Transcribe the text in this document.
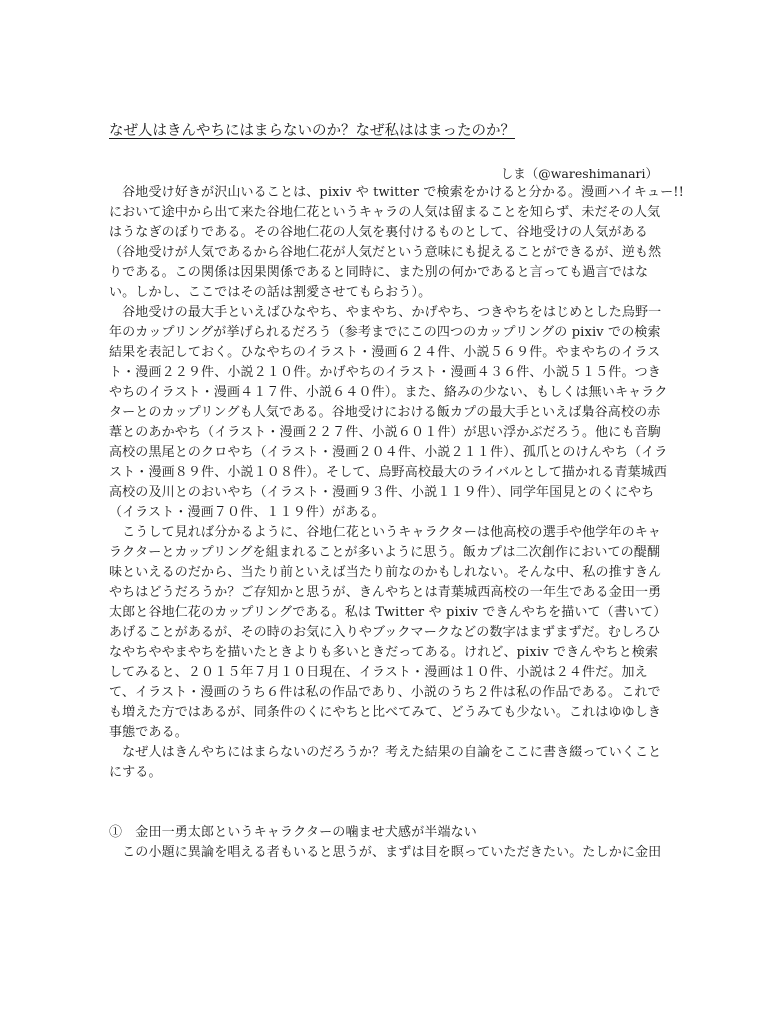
なぜ人はきんやちにはまらないのか？なぜ私ははまったのか？
しま（@wareshimanari）
　谷地受け好きが沢山いることは、pixiv や twitter で検索をかけると分かる。漫画ハイキュー!!
において途中から出て来た谷地仁花というキャラの人気は留まることを知らず、未だその人気
はうなぎのぼりである。その谷地仁花の人気を裏付けるものとして、谷地受けの人気がある
（谷地受けが人気であるから谷地仁花が人気だという意味にも捉えることができるが、逆も然
りである。この関係は因果関係であると同時に、また別の何かであると言っても過言ではな
い。しかし、ここではその話は割愛させてもらおう）。
　谷地受けの最大手といえばひなやち、やまやち、かげやち、つきやちをはじめとした烏野一
年のカップリングが挙げられるだろう（参考までにこの四つのカップリングの pixiv での検索
結果を表記しておく。ひなやちのイラスト・漫画６２４件、小説５６９件。やまやちのイラス
ト・漫画２２９件、小説２１０件。かげやちのイラスト・漫画４３６件、小説５１５件。つき
やちのイラスト・漫画４１７件、小説６４０件）。また、絡みの少ない、もしくは無いキャラク
ターとのカップリングも人気である。谷地受けにおける飯カプの最大手といえば梟谷高校の赤
葦とのあかやち（イラスト・漫画２２７件、小説６０１件）が思い浮かぶだろう。他にも音駒
高校の黒尾とのクロやち（イラスト・漫画２０４件、小説２１１件）、孤爪とのけんやち（イラ
スト・漫画８９件、小説１０８件）。そして、烏野高校最大のライバルとして描かれる青葉城西
高校の及川とのおいやち（イラスト・漫画９３件、小説１１９件）、同学年国見とのくにやち
（イラスト・漫画７０件、１１９件）がある。
　こうして見れば分かるように、谷地仁花というキャラクターは他高校の選手や他学年のキャ
ラクターとカップリングを組まれることが多いように思う。飯カプは二次創作においての醍醐
味といえるのだから、当たり前といえば当たり前なのかもしれない。そんな中、私の推すきん
やちはどうだろうか？ご存知かと思うが、きんやちとは青葉城西高校の一年生である金田一勇
太郎と谷地仁花のカップリングである。私は Twitter や pixiv できんやちを描いて（書いて）
あげることがあるが、その時のお気に入りやブックマークなどの数字はまずまずだ。むしろひ
なやちややまやちを描いたときよりも多いときだってある。けれど、pixiv できんやちと検索
してみると、２０１５年７月１０日現在、イラスト・漫画は１０件、小説は２４件だ。加え
て、イラスト・漫画のうち６件は私の作品であり、小説のうち２件は私の作品である。これで
も増えた方ではあるが、同条件のくにやちと比べてみて、どうみても少ない。これはゆゆしき
事態である。
　なぜ人はきんやちにはまらないのだろうか？考えた結果の自論をここに書き綴っていくこと
にする。
①　金田一勇太郎というキャラクターの噛ませ犬感が半端ない
　この小題に異論を唱える者もいると思うが、まずは目を瞑っていただきたい。たしかに金田
